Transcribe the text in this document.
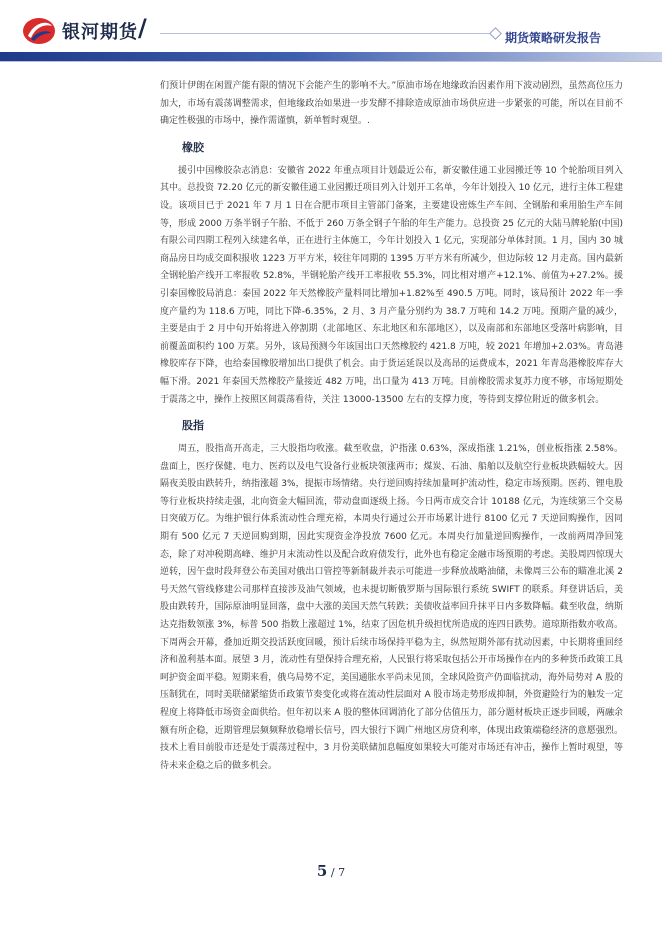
银河期货 /	期货策略研发报告

们预计伊朗在闲置产能有限的情况下会能产生的影响不大。”原油市场在地缘政治因素作用下波动剧烈，虽然高位压力加大，市场有震荡调整需求，但地缘政治如果进一步发酵不排除造成原油市场供应进一步紧张的可能，所以在目前不确定性极强的市场中，操作需谨慎，新单暂时观望。.

橡胶

援引中国橡胶杂志消息：安徽省 2022 年重点项目计划最近公布，新安徽佳通工业园搬迁等 10 个轮胎项目列入其中。总投资 72.20 亿元的新安徽佳通工业园搬迁项目列入计划开工名单，今年计划投入 10 亿元，进行主体工程建设。该项目已于 2021 年 7 月 1 日在合肥市项目主管部门备案，主要建设密炼生产车间、全钢胎和乘用胎生产车间等，形成 2000 万条半钢子午胎、不低于 260 万条全钢子午胎的年生产能力。总投资 25 亿元的大陆马牌轮胎(中国)有限公司四期工程列入续建名单，正在进行主体施工，今年计划投入 1 亿元，实现部分单体封顶。1 月，国内 30 城商品房日均成交面积报收 1223 万平方米，较往年同期的 1395 万平方米有所减少，但边际较 12 月走高。国内最新全钢轮胎产线开工率报收 52.8%，半钢轮胎产线开工率报收 55.3%，同比相对增产+12.1%、前值为+27.2%。援引泰国橡胶局消息：泰国 2022 年天然橡胶产量料同比增加+1.82%至 490.5 万吨。同时，该局预计 2022 年一季度产量约为 118.6 万吨，同比下降-6.35%，2 月、3 月产量分别约为 38.7 万吨和 14.2 万吨。预期产量的减少，主要是由于 2 月中旬开始将进入停割期（北部地区、东北地区和东部地区），以及南部和东部地区受落叶病影响，目前覆盖面积约 100 万菜。另外，该局预测今年该国出口天然橡胶约 421.8 万吨，较 2021 年增加+2.03%。青岛港橡胶库存下降，也给泰国橡胶增加出口提供了机会。由于货运延误以及高昂的运费成本，2021 年青岛港橡胶库存大幅下滑。2021 年泰国天然橡胶产量接近 482 万吨，出口量为 413 万吨。目前橡胶需求复苏力度不够，市场短期处于震荡之中，操作上按照区间震荡看待，关注 13000-13500 左右的支撑力度，等待到支撑位附近的做多机会。

股指

周五，股指高开高走，三大股指均收涨。截至收盘，沪指涨 0.63%，深成指涨 1.21%，创业板指涨 2.58%。盘面上，医疗保健、电力、医药以及电气设备行业板块领涨两市；煤炭、石油、船舶以及航空行业板块跌幅较大。因隔夜美股由跌转升，纳指涨超 3%，提振市场情绪。央行逆回购持续加量呵护流动性，稳定市场预期。医药、锂电股等行业板块持续走强，北向资金大幅回流，带动盘面逐级上扬。今日两市成交合计 10188 亿元，为连续第三个交易日突破万亿。为维护银行体系流动性合理充裕，本周央行通过公开市场累计进行 8100 亿元 7 天逆回购操作，因同期有 500 亿元 7 天逆回购到期，因此实现资金净投放 7600 亿元。本周央行加量逆回购操作，一改前两周净回笼态，除了对冲税期高峰、维护月末流动性以及配合政府债发行，此外也有稳定金融市场预期的考虑。美股周四惊现大逆转，因午盘时段拜登公布美国对俄出口管控等新制裁并表示可能进一步释放战略油储，未像周三公布的瞄准北溪 2 号天然气管线修建公司那样直接涉及油气领域，也未提切断俄罗斯与国际银行系统 SWIFT 的联系。拜登讲话后，美股由跌转升，国际原油明显回落，盘中大涨的美国天然气转跌；美债收益率回升抹平日内多数降幅。截至收盘，纳斯达克指数领涨 3%，标普 500 指数上涨超过 1%，结束了因危机升级担忧所造成的连四日跌势。道琼斯指数亦收高。下周两会开幕，叠加近期交投活跃度回暖，预计后续市场保持平稳为主，纵然短期外部有扰动因素，中长期将重回经济和盈利基本面。展望 3 月，流动性有望保持合理充裕，人民银行将采取包括公开市场操作在内的多种货币政策工具呵护资金面平稳。短期来看，俄乌局势不定，美国通胀水平尚未见顶，全球风险资产仍面临扰动，海外局势对 A 股的压制犹在，同时美联储紧缩货币政策节奏变化或将在流动性层面对 A 股市场走势形成抑制，外资避险行为的触发一定程度上将降低市场资金面供给。但年初以来 A 股的整体回调消化了部分估值压力，部分题材板块正逐步回暖，两融余额有所企稳，近期管理层频频释放稳增长信号，四大银行下调广州地区房贷利率，体现出政策端稳经济的意愿强烈。技术上看目前股市还是处于震荡过程中，3 月份美联储加息幅度如果较大可能对市场还有冲击，操作上暂时观望，等待未来企稳之后的做多机会。

5 / 7
